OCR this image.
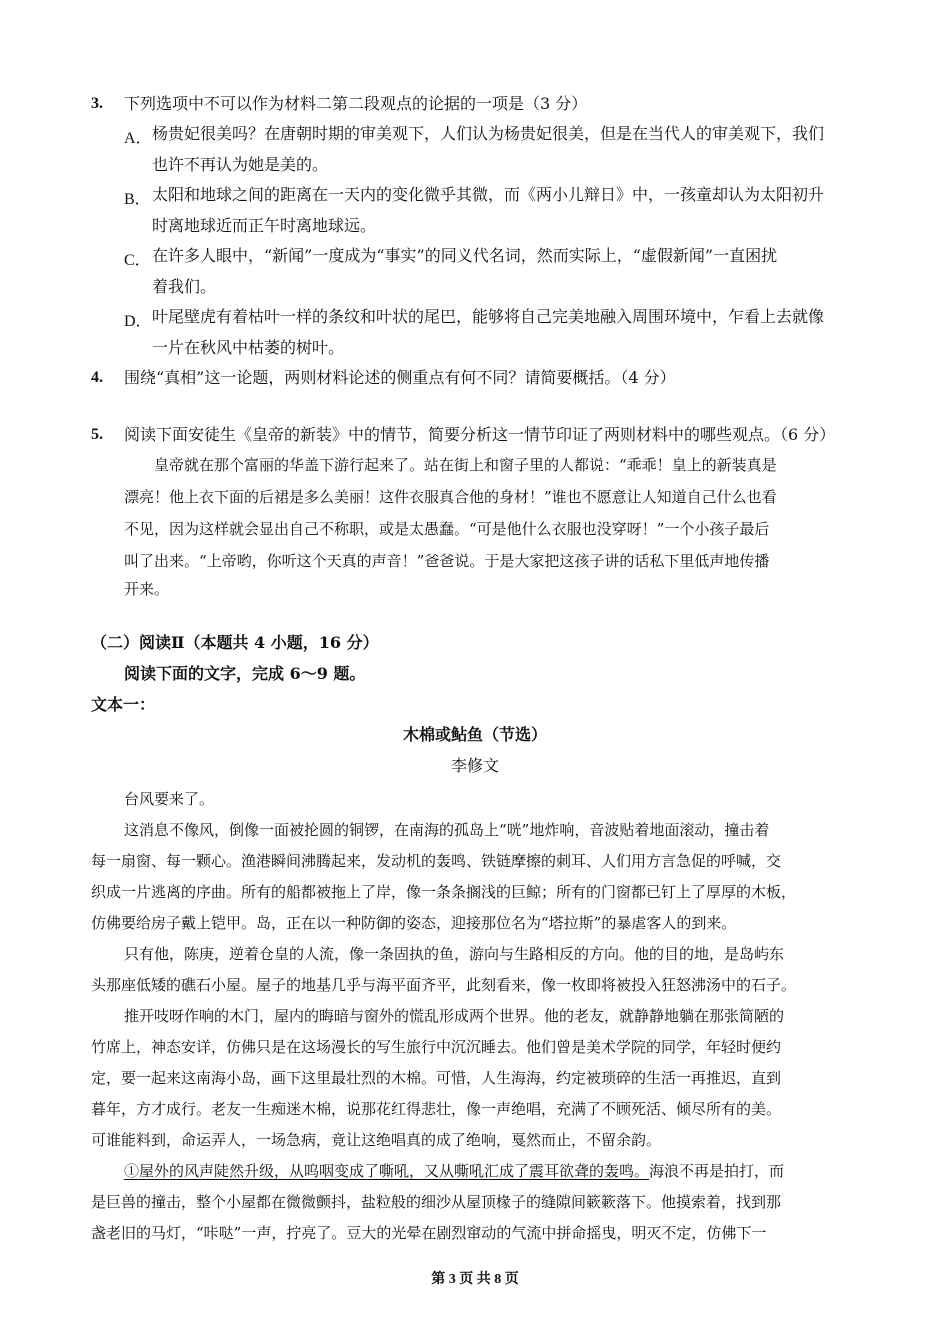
3. 下列选项中不可以作为材料二第二段观点的论据的一项是（3 分）
A． 杨贵妃很美吗？在唐朝时期的审美观下，人们认为杨贵妃很美，但是在当代人的审美观下，我们
也许不再认为她是美的。
B． 太阳和地球之间的距离在一天内的变化微乎其微，而《两小儿辩日》中，一孩童却认为太阳初升
时离地球近而正午时离地球远。
C． 在许多人眼中，“新闻”一度成为“事实”的同义代名词，然而实际上，“虚假新闻”一直困扰
着我们。
D． 叶尾壁虎有着枯叶一样的条纹和叶状的尾巴，能够将自己完美地融入周围环境中，乍看上去就像
一片在秋风中枯萎的树叶。
4. 围绕“真相”这一论题，两则材料论述的侧重点有何不同？请简要概括。（4 分）
5. 阅读下面安徒生《皇帝的新装》中的情节，简要分析这一情节印证了两则材料中的哪些观点。（6 分）
皇帝就在那个富丽的华盖下游行起来了。站在街上和窗子里的人都说：“乖乖！皇上的新装真是
漂亮！他上衣下面的后裙是多么美丽！这件衣服真合他的身材！”谁也不愿意让人知道自己什么也看
不见，因为这样就会显出自己不称职，或是太愚蠢。“可是他什么衣服也没穿呀！”一个小孩子最后
叫了出来。“上帝哟，你听这个天真的声音！”爸爸说。于是大家把这孩子讲的话私下里低声地传播
开来。
（二）阅读Ⅱ（本题共 4 小题，16 分）
阅读下面的文字，完成 6～9 题。
文本一：
木棉或鲇鱼（节选）
李修文
台风要来了。
这消息不像风，倒像一面被抡圆的铜锣，在南海的孤岛上“咣”地炸响，音波贴着地面滚动，撞击着
每一扇窗、每一颗心。渔港瞬间沸腾起来，发动机的轰鸣、铁链摩擦的刺耳、人们用方言急促的呼喊，交
织成一片逃离的序曲。所有的船都被拖上了岸，像一条条搁浅的巨鲸；所有的门窗都已钉上了厚厚的木板，
仿佛要给房子戴上铠甲。岛，正在以一种防御的姿态，迎接那位名为“塔拉斯”的暴虐客人的到来。
只有他，陈庚，逆着仓皇的人流，像一条固执的鱼，游向与生路相反的方向。他的目的地，是岛屿东
头那座低矮的礁石小屋。屋子的地基几乎与海平面齐平，此刻看来，像一枚即将被投入狂怒沸汤中的石子。
推开吱呀作响的木门，屋内的晦暗与窗外的慌乱形成两个世界。他的老友，就静静地躺在那张简陋的
竹席上，神态安详，仿佛只是在这场漫长的写生旅行中沉沉睡去。他们曾是美术学院的同学，年轻时便约
定，要一起来这南海小岛，画下这里最壮烈的木棉。可惜，人生海海，约定被琐碎的生活一再推迟，直到
暮年，方才成行。老友一生痴迷木棉，说那花红得悲壮，像一声绝唱，充满了不顾死活、倾尽所有的美。
可谁能料到，命运弄人，一场急病，竟让这绝唱真的成了绝响，戛然而止，不留余韵。
①屋外的风声陡然升级，从呜咽变成了嘶吼，又从嘶吼汇成了震耳欲聋的轰鸣。海浪不再是拍打，而
是巨兽的撞击，整个小屋都在微微颤抖，盐粒般的细沙从屋顶椽子的缝隙间簌簌落下。他摸索着，找到那
盏老旧的马灯，“咔哒”一声，拧亮了。豆大的光晕在剧烈窜动的气流中拼命摇曳，明灭不定，仿佛下一
第 3 页 共 8 页
